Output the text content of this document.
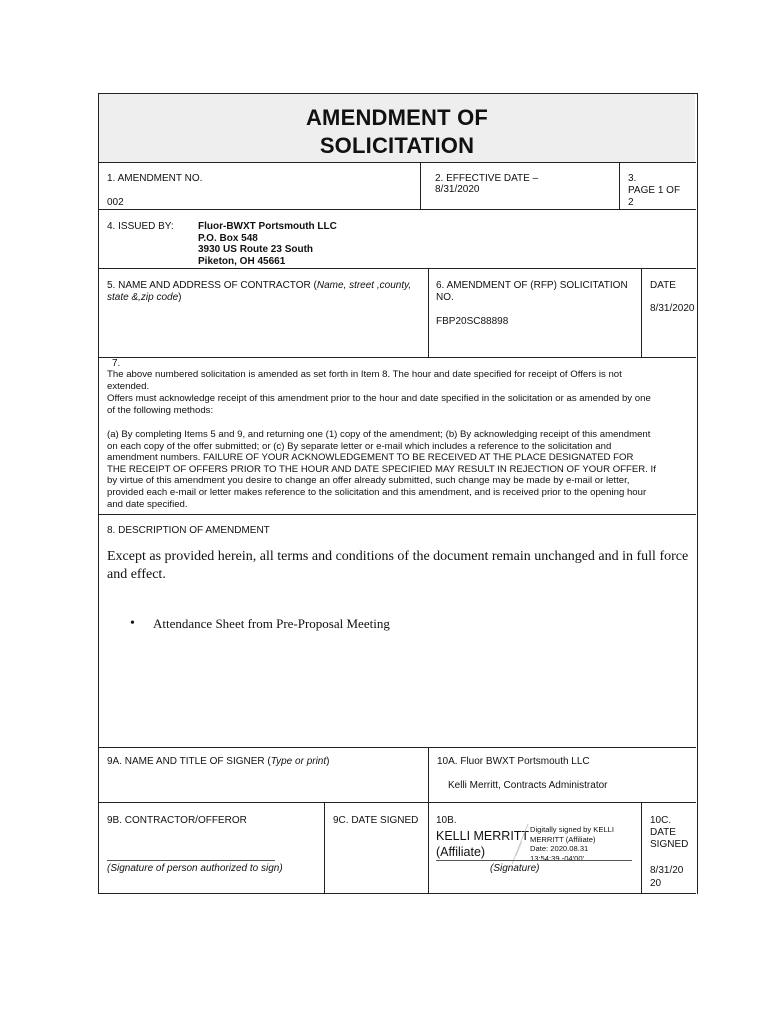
AMENDMENT OF
SOLICITATION
1. AMENDMENT NO.
002
2. EFFECTIVE DATE –
8/31/2020
3.
PAGE 1 OF
2
4. ISSUED BY: Fluor-BWXT Portsmouth LLC
P.O. Box 548
3930 US Route 23 South
Piketon, OH 45661
5. NAME AND ADDRESS OF CONTRACTOR (Name, street ,county,
state &,zip code)
6. AMENDMENT OF (RFP) SOLICITATION
NO.
FBP20SC88898
DATE
8/31/2020
7.
The above numbered solicitation is amended as set forth in Item 8. The hour and date specified for receipt of Offers is not
extended.
Offers must acknowledge receipt of this amendment prior to the hour and date specified in the solicitation or as amended by one
of the following methods:
(a) By completing Items 5 and 9, and returning one (1) copy of the amendment; (b) By acknowledging receipt of this amendment
on each copy of the offer submitted; or (c) By separate letter or e-mail which includes a reference to the solicitation and
amendment numbers. FAILURE OF YOUR ACKNOWLEDGEMENT TO BE RECEIVED AT THE PLACE DESIGNATED FOR
THE RECEIPT OF OFFERS PRIOR TO THE HOUR AND DATE SPECIFIED MAY RESULT IN REJECTION OF YOUR OFFER. If
by virtue of this amendment you desire to change an offer already submitted, such change may be made by e-mail or letter,
provided each e-mail or letter makes reference to the solicitation and this amendment, and is received prior to the opening hour
and date specified.
8. DESCRIPTION OF AMENDMENT
Except as provided herein, all terms and conditions of the document remain unchanged and in full force
and effect.
• Attendance Sheet from Pre-Proposal Meeting
9A. NAME AND TITLE OF SIGNER (Type or print)	10A. Fluor BWXT Portsmouth LLC
Kelli Merritt, Contracts Administrator
9B. CONTRACTOR/OFFEROR
(Signature of person authorized to sign)
9C. DATE SIGNED 10B.
KELLI MERRITT
(Affiliate)
Digitally signed by KELLI
MERRITT (Affiliate)
Date: 2020.08.31
13:54:39 -04'00'
(Signature)
10C.
DATE
SIGNED
8/31/20
20
